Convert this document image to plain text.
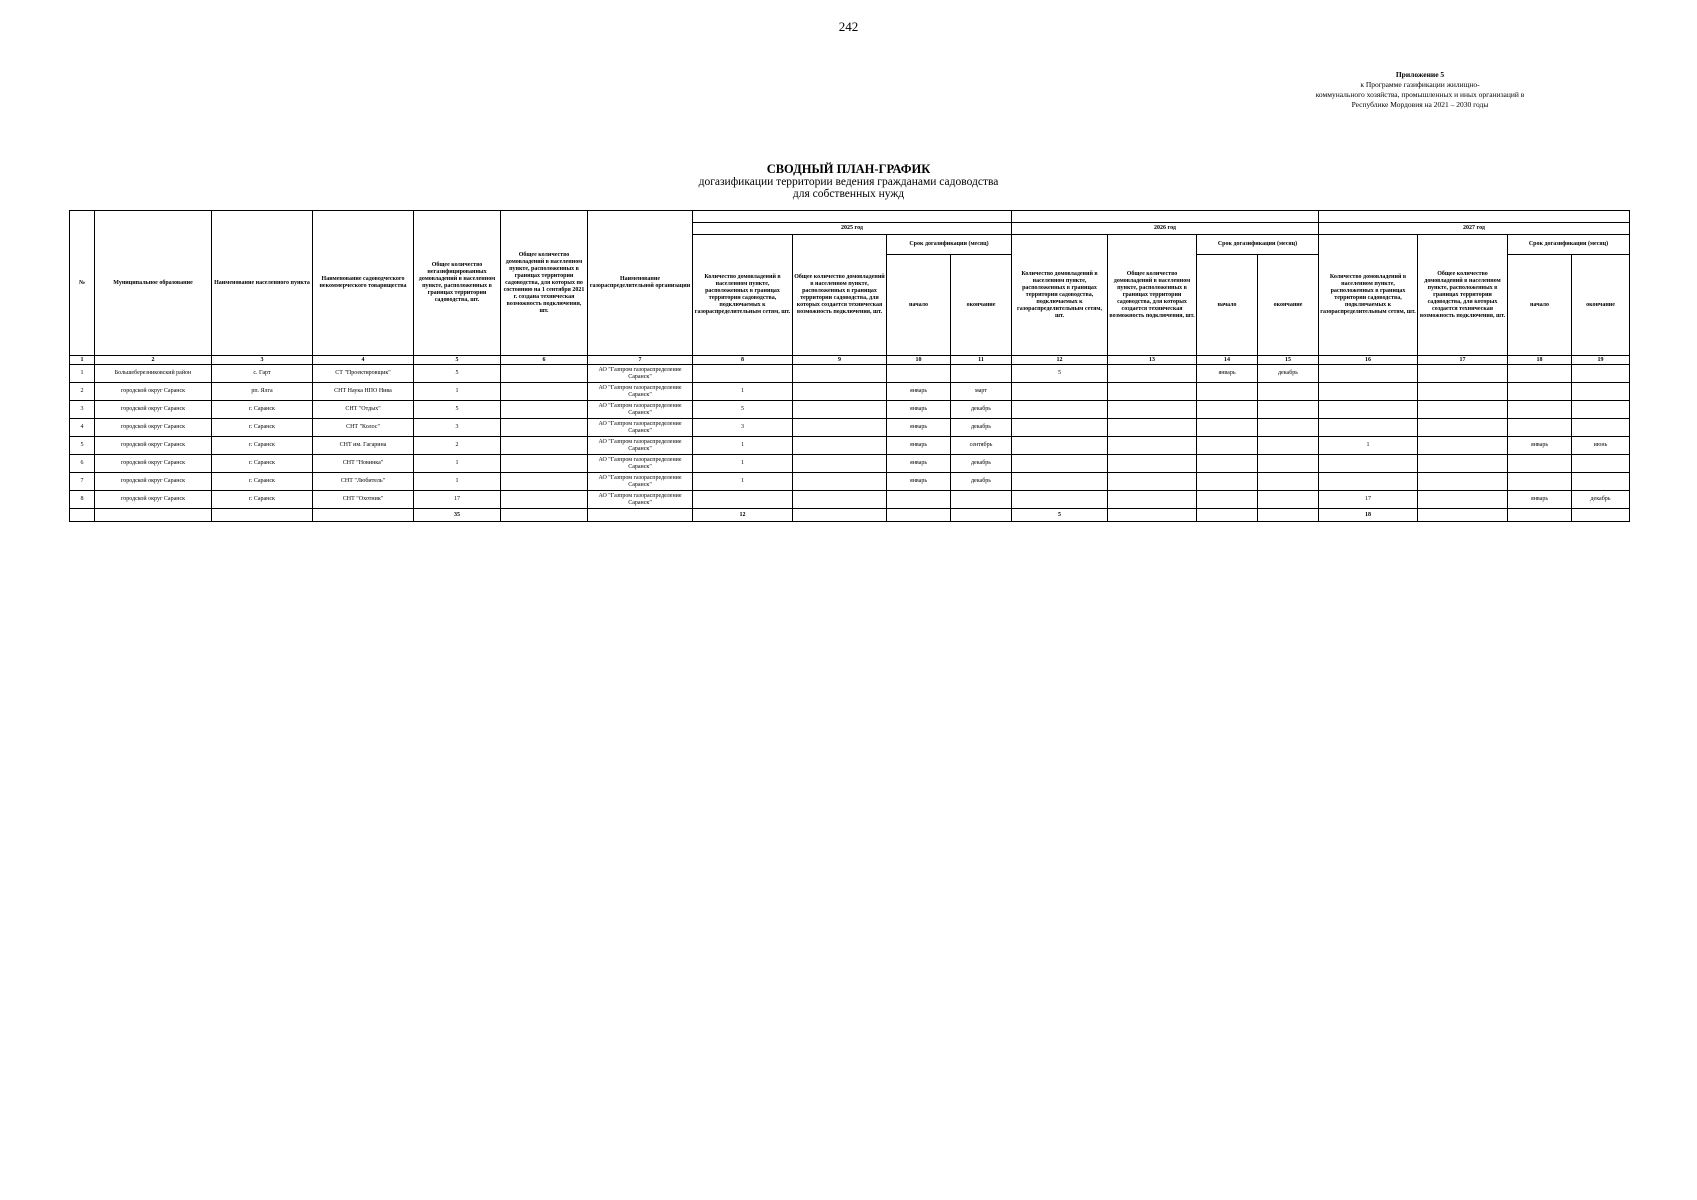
242
Приложение 5
к Программе газификации жилищно-
коммунального хозяйства, промышленных и иных организаций в
Республике Мордовия на 2021 – 2030 годы
СВОДНЫЙ ПЛАН-ГРАФИК
догазификации территории ведения гражданами садоводства
для собственных нужд
№	Муниципальное образование	Наименование населенного пункта	Наименование садоводческого некоммерческого товарищества	Общее количество негазифицированных домовладений в населенном пункте, расположенных в границах территории садоводства, шт.	Общее количество домовладений в населенном пункте, расположенных в границах территории садоводства, для которых по состоянию на 1 сентября 2021 г. создана техническая возможность подключения, шт.	Наименование газораспределительной организации												
							2025 год				2026 год				2027 год			
							Количество домовладений в населенном пункте, расположенных в границах территории садоводства, подключаемых к газораспределительным сетям, шт.	Общее количество домовладений в населенном пункте, расположенных в границах территории садоводства, для которых создается техническая возможность подключения, шт.	Срок догазификации (месяц)		Количество домовладений в населенном пункте, расположенных в границах территории садоводства, подключаемых к газораспределительным сетям, шт.	Общее количество домовладений в населенном пункте, расположенных в границах территории садоводства, для которых создается техническая возможность подключения, шт.	Срок догазификации (месяц)		Количество домовладений в населенном пункте, расположенных в границах территории садоводства, подключаемых к газораспределительным сетям, шт.	Общее количество домовладений в населенном пункте, расположенных в границах территории садоводства, для которых создается техническая возможность подключения, шт.	Срок догазификации (месяц)	
									начало	окончание			начало	окончание			начало	окончание
1	2	3	4	5	6	7	8	9	10	11	12	13	14	15	16	17	18	19
1	Большеберезниковский район	с. Гарт	СТ "Проектировщик"	5		АО "Газпром газораспределение Саранск"					5		январь	декабрь				
2	городской округ Саранск	рп. Ялга	СНТ Наука НПО Нива	1		АО "Газпром газораспределение Саранск"	1		январь	март								
3	городской округ Саранск	г. Саранск	СНТ "Отдых"	5		АО "Газпром газораспределение Саранск"	5		январь	декабрь								
4	городской округ Саранск	г. Саранск	СНТ "Колос"	3		АО "Газпром газораспределение Саранск"	3		январь	декабрь								
5	городской округ Саранск	г. Саранск	СНТ им. Гагарина	2		АО "Газпром газораспределение Саранск"	1		январь	сентябрь					1		январь	июнь
6	городской округ Саранск	г. Саранск	СНТ "Новинка"	1		АО "Газпром газораспределение Саранск"	1		январь	декабрь								
7	городской округ Саранск	г. Саранск	СНТ "Любитель"	1		АО "Газпром газораспределение Саранск"	1		январь	декабрь								
8	городской округ Саранск	г. Саранск	СНТ "Охотник"	17		АО "Газпром газораспределение Саранск"									17		январь	декабрь
				35			12				5				18			
